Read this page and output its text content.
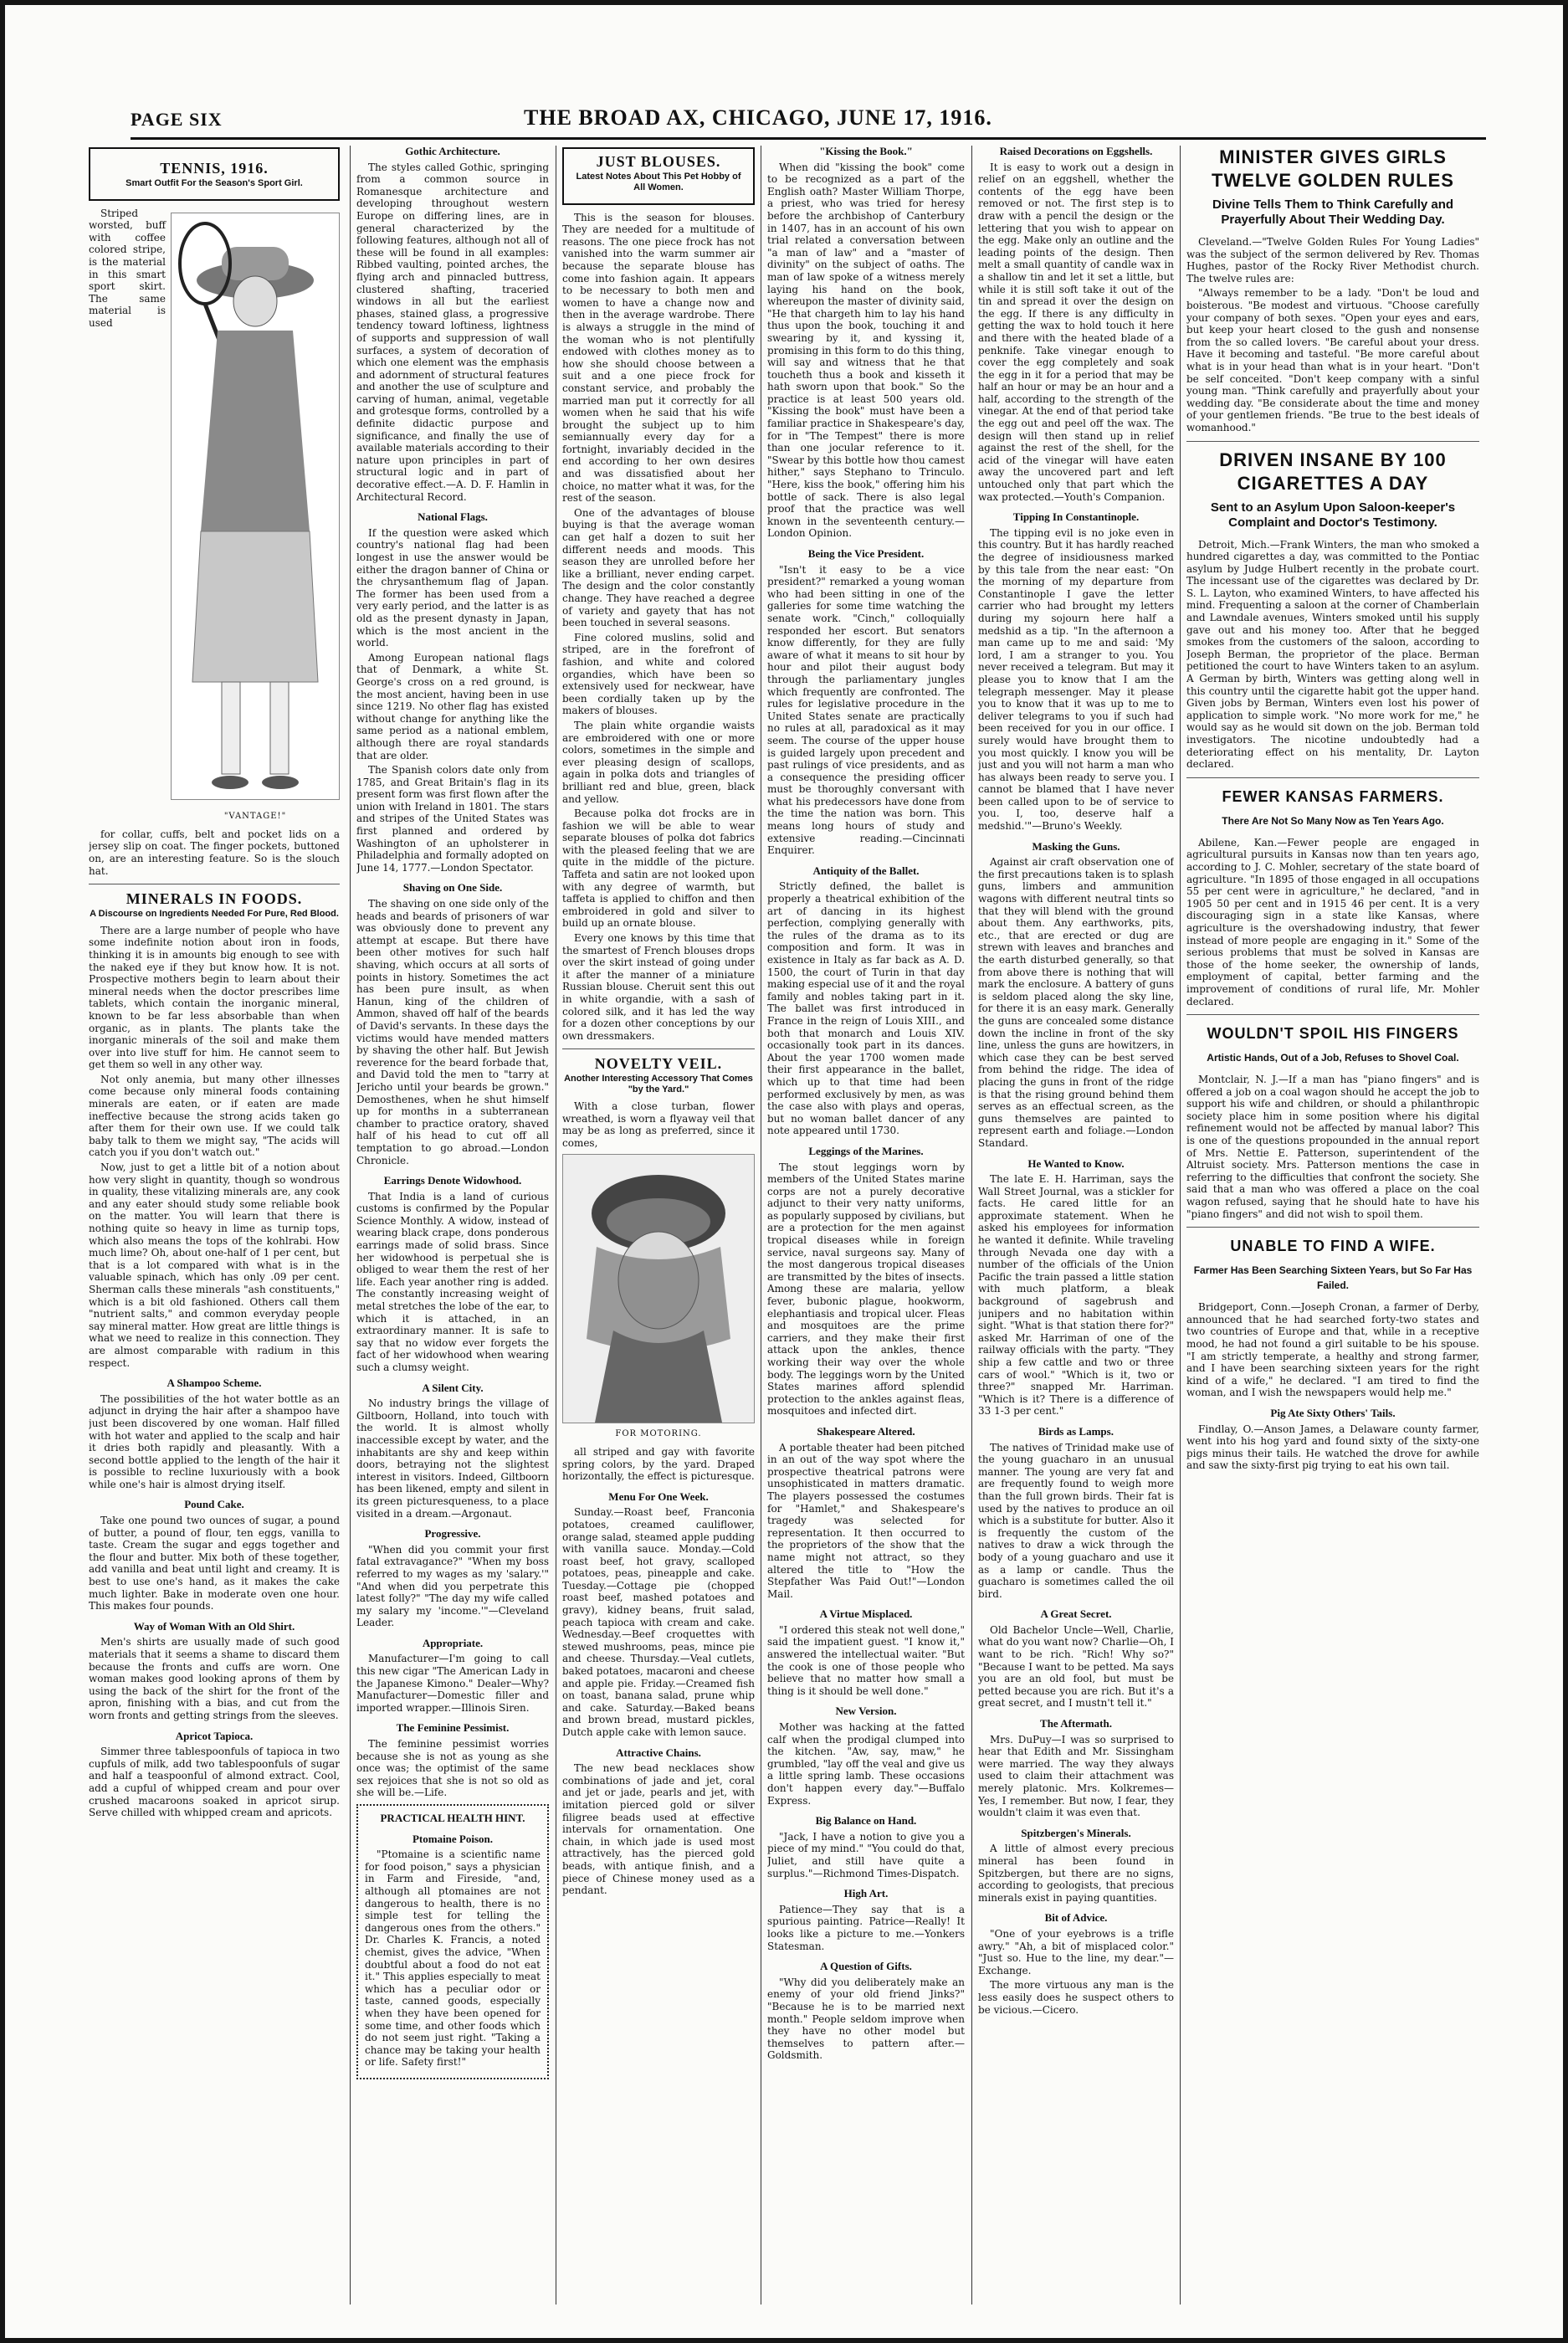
PAGE SIX	THE BROAD AX, CHICAGO, JUNE 17, 1916.
TENNIS, 1916.
Smart Outfit For the Season's Sport Girl.

Striped worsted, buff with coffee colored stripe, is the material in this smart sport skirt. The same material is used

"VANTAGE!"

for collar, cuffs, belt and pocket lids on a jersey slip on coat. The finger pockets, buttoned on, are an interesting feature. So is the slouch hat.

MINERALS IN FOODS.
A Discourse on Ingredients Needed For Pure, Red Blood.

There are a large number of people who have some indefinite notion about iron in foods, thinking it is in amounts big enough to see with the naked eye if they but know how. It is not. Prospective mothers begin to learn about their mineral needs when the doctor prescribes lime tablets, which contain the inorganic mineral, known to be far less absorbable than when organic, as in plants. The plants take the inorganic minerals of the soil and make them over into live stuff for him. He cannot seem to get them so well in any other way.

Not only anemia, but many other illnesses come because only mineral foods containing minerals are eaten, or if eaten are made ineffective because the strong acids taken go after them for their own use. If we could talk baby talk to them we might say, "The acids will catch you if you don't watch out."

Now, just to get a little bit of a notion about how very slight in quantity, though so wondrous in quality, these vitalizing minerals are, any cook and any eater should study some reliable book on the matter. You will learn that there is nothing quite so heavy in lime as turnip tops, which also means the tops of the kohlrabi. How much lime? Oh, about one-half of 1 per cent, but that is a lot compared with what is in the valuable spinach, which has only .09 per cent. Sherman calls these minerals "ash constituents," which is a bit old fashioned. Others call them "nutrient salts," and common everyday people say mineral matter. How great are little things is what we need to realize in this connection. They are almost comparable with radium in this respect.

A Shampoo Scheme.

The possibilities of the hot water bottle as an adjunct in drying the hair after a shampoo have just been discovered by one woman. Half filled with hot water and applied to the scalp and hair it dries both rapidly and pleasantly. With a second bottle applied to the length of the hair it is possible to recline luxuriously with a book while one's hair is almost drying itself.

Pound Cake.

Take one pound two ounces of sugar, a pound of butter, a pound of flour, ten eggs, vanilla to taste. Cream the sugar and eggs together and the flour and butter. Mix both of these together, add vanilla and beat until light and creamy. It is best to use one's hand, as it makes the cake much lighter. Bake in moderate oven one hour. This makes four pounds.

Way of Woman With an Old Shirt.

Men's shirts are usually made of such good materials that it seems a shame to discard them because the fronts and cuffs are worn. One woman makes good looking aprons of them by using the back of the shirt for the front of the apron, finishing with a bias, and cut from the worn fronts and getting strings from the sleeves.

Apricot Tapioca.

Simmer three tablespoonfuls of tapioca in two cupfuls of milk, add two tablespoonfuls of sugar and half a teaspoonful of almond extract. Cool, add a cupful of whipped cream and pour over crushed macaroons soaked in apricot sirup. Serve chilled with whipped cream and apricots.

Gothic Architecture.

The styles called Gothic, springing from a common source in Romanesque architecture and developing throughout western Europe on differing lines, are in general characterized by the following features, although not all of these will be found in all examples: Ribbed vaulting, pointed arches, the flying arch and pinnacled buttress, clustered shafting, traceried windows in all but the earliest phases, stained glass, a progressive tendency toward loftiness, lightness of supports and suppression of wall surfaces, a system of decoration of which one element was the emphasis and adornment of structural features and another the use of sculpture and carving of human, animal, vegetable and grotesque forms, controlled by a definite didactic purpose and significance, and finally the use of available materials according to their nature upon principles in part of structural logic and in part of decorative effect.—A. D. F. Hamlin in Architectural Record.

National Flags.

If the question were asked which country's national flag had been longest in use the answer would be either the dragon banner of China or the chrysanthemum flag of Japan. The former has been used from a very early period, and the latter is as old as the present dynasty in Japan, which is the most ancient in the world.

Among European national flags that of Denmark, a white St. George's cross on a red ground, is the most ancient, having been in use since 1219. No other flag has existed without change for anything like the same period as a national emblem, although there are royal standards that are older.

The Spanish colors date only from 1785, and Great Britain's flag in its present form was first flown after the union with Ireland in 1801. The stars and stripes of the United States was first planned and ordered by Washington of an upholsterer in Philadelphia and formally adopted on June 14, 1777.—London Spectator.

Shaving on One Side.

The shaving on one side only of the heads and beards of prisoners of war was obviously done to prevent any attempt at escape. But there have been other motives for such half shaving, which occurs at all sorts of points in history. Sometimes the act has been pure insult, as when Hanun, king of the children of Ammon, shaved off half of the beards of David's servants. In these days the victims would have mended matters by shaving the other half. But Jewish reverence for the beard forbade that, and David told the men to "tarry at Jericho until your beards be grown." Demosthenes, when he shut himself up for months in a subterranean chamber to practice oratory, shaved half of his head to cut off all temptation to go abroad.—London Chronicle.

Earrings Denote Widowhood.

That India is a land of curious customs is confirmed by the Popular Science Monthly. A widow, instead of wearing black crape, dons ponderous earrings made of solid brass. Since her widowhood is perpetual she is obliged to wear them the rest of her life. Each year another ring is added. The constantly increasing weight of metal stretches the lobe of the ear, to which it is attached, in an extraordinary manner. It is safe to say that no widow ever forgets the fact of her widowhood when wearing such a clumsy weight.

A Silent City.

No industry brings the village of Giltboorn, Holland, into touch with the world. It is almost wholly inaccessible except by water, and the inhabitants are shy and keep within doors, betraying not the slightest interest in visitors. Indeed, Giltboorn has been likened, empty and silent in its green picturesqueness, to a place visited in a dream.—Argonaut.

Progressive.

"When did you commit your first fatal extravagance?" "When my boss referred to my wages as my 'salary.'" "And when did you perpetrate this latest folly?" "The day my wife called my salary my 'income.'"—Cleveland Leader.

Appropriate.

Manufacturer—I'm going to call this new cigar "The American Lady in the Japanese Kimono." Dealer—Why? Manufacturer—Domestic filler and imported wrapper.—Illinois Siren.

The Feminine Pessimist.

The feminine pessimist worries because she is not as young as she once was; the optimist of the same sex rejoices that she is not so old as she will be.—Life.

PRACTICAL HEALTH HINT.
Ptomaine Poison.

"Ptomaine is a scientific name for food poison," says a physician in Farm and Fireside, "and, although all ptomaines are not dangerous to health, there is no simple test for telling the dangerous ones from the others." Dr. Charles K. Francis, a noted chemist, gives the advice, "When doubtful about a food do not eat it." This applies especially to meat which has a peculiar odor or taste, canned goods, especially when they have been opened for some time, and other foods which do not seem just right. "Taking a chance may be taking your health or life. Safety first!"

JUST BLOUSES.
Latest Notes About This Pet Hobby of All Women.

This is the season for blouses. They are needed for a multitude of reasons. The one piece frock has not vanished into the warm summer air because the separate blouse has come into fashion again. It appears to be necessary to both men and women to have a change now and then in the average wardrobe. There is always a struggle in the mind of the woman who is not plentifully endowed with clothes money as to how she should choose between a suit and a one piece frock for constant service, and probably the married man put it correctly for all women when he said that his wife brought the subject up to him semiannually every day for a fortnight, invariably decided in the end according to her own desires and was dissatisfied about her choice, no matter what it was, for the rest of the season.

One of the advantages of blouse buying is that the average woman can get half a dozen to suit her different needs and moods. This season they are unrolled before her like a brilliant, never ending carpet. The design and the color constantly change. They have reached a degree of variety and gayety that has not been touched in several seasons.

Fine colored muslins, solid and striped, are in the forefront of fashion, and white and colored organdies, which have been so extensively used for neckwear, have been cordially taken up by the makers of blouses.

The plain white organdie waists are embroidered with one or more colors, sometimes in the simple and ever pleasing design of scallops, again in polka dots and triangles of brilliant red and blue, green, black and yellow.

Because polka dot frocks are in fashion we will be able to wear separate blouses of polka dot fabrics with the pleased feeling that we are quite in the middle of the picture. Taffeta and satin are not looked upon with any degree of warmth, but taffeta is applied to chiffon and then embroidered in gold and silver to build up an ornate blouse.

Every one knows by this time that the smartest of French blouses drops over the skirt instead of going under it after the manner of a miniature Russian blouse. Cheruit sent this out in white organdie, with a sash of colored silk, and it has led the way for a dozen other conceptions by our own dressmakers.

NOVELTY VEIL.
Another Interesting Accessory That Comes "by the Yard."

With a close turban, flower wreathed, is worn a flyaway veil that may be as long as preferred, since it comes,

FOR MOTORING.

all striped and gay with favorite spring colors, by the yard. Draped horizontally, the effect is picturesque.

Menu For One Week.

Sunday.—Roast beef, Franconia potatoes, creamed cauliflower, orange salad, steamed apple pudding with vanilla sauce. Monday.—Cold roast beef, hot gravy, scalloped potatoes, peas, pineapple and cake. Tuesday.—Cottage pie (chopped roast beef, mashed potatoes and gravy), kidney beans, fruit salad, peach tapioca with cream and cake. Wednesday.—Beef croquettes with stewed mushrooms, peas, mince pie and cheese. Thursday.—Veal cutlets, baked potatoes, macaroni and cheese and apple pie. Friday.—Creamed fish on toast, banana salad, prune whip and cake. Saturday.—Baked beans and brown bread, mustard pickles, Dutch apple cake with lemon sauce.

Attractive Chains.

The new bead necklaces show combinations of jade and jet, coral and jet or jade, pearls and jet, with imitation pierced gold or silver filigree beads used at effective intervals for ornamentation. One chain, in which jade is used most attractively, has the pierced gold beads, with antique finish, and a piece of Chinese money used as a pendant.

"Kissing the Book."

When did "kissing the book" come to be recognized as a part of the English oath? Master William Thorpe, a priest, who was tried for heresy before the archbishop of Canterbury in 1407, has in an account of his own trial related a conversation between "a man of law" and a "master of divinity" on the subject of oaths. The man of law spoke of a witness merely laying his hand on the book, whereupon the master of divinity said, "He that chargeth him to lay his hand thus upon the book, touching it and swearing by it, and kyssing it, promising in this form to do this thing, will say and witness that he that toucheth thus a book and kisseth it hath sworn upon that book." So the practice is at least 500 years old. "Kissing the book" must have been a familiar practice in Shakespeare's day, for in "The Tempest" there is more than one jocular reference to it. "Swear by this bottle how thou camest hither," says Stephano to Trinculo. "Here, kiss the book," offering him his bottle of sack. There is also legal proof that the practice was well known in the seventeenth century.—London Opinion.

Being the Vice President.

"Isn't it easy to be a vice president?" remarked a young woman who had been sitting in one of the galleries for some time watching the senate work. "Cinch," colloquially responded her escort. But senators know differently, for they are fully aware of what it means to sit hour by hour and pilot their august body through the parliamentary jungles which frequently are confronted. The rules for legislative procedure in the United States senate are practically no rules at all, paradoxical as it may seem. The course of the upper house is guided largely upon precedent and past rulings of vice presidents, and as a consequence the presiding officer must be thoroughly conversant with what his predecessors have done from the time the nation was born. This means long hours of study and extensive reading.—Cincinnati Enquirer.

Antiquity of the Ballet.

Strictly defined, the ballet is properly a theatrical exhibition of the art of dancing in its highest perfection, complying generally with the rules of the drama as to its composition and form. It was in existence in Italy as far back as A. D. 1500, the court of Turin in that day making especial use of it and the royal family and nobles taking part in it. The ballet was first introduced in France in the reign of Louis XIII., and both that monarch and Louis XIV. occasionally took part in its dances. About the year 1700 women made their first appearance in the ballet, which up to that time had been performed exclusively by men, as was the case also with plays and operas, but no woman ballet dancer of any note appeared until 1730.

Leggings of the Marines.

The stout leggings worn by members of the United States marine corps are not a purely decorative adjunct to their very natty uniforms, as popularly supposed by civilians, but are a protection for the men against tropical diseases while in foreign service, naval surgeons say. Many of the most dangerous tropical diseases are transmitted by the bites of insects. Among these are malaria, yellow fever, bubonic plague, hookworm, elephantiasis and tropical ulcer. Fleas and mosquitoes are the prime carriers, and they make their first attack upon the ankles, thence working their way over the whole body. The leggings worn by the United States marines afford splendid protection to the ankles against fleas, mosquitoes and infected dirt.

Shakespeare Altered.

A portable theater had been pitched in an out of the way spot where the prospective theatrical patrons were unsophisticated in matters dramatic. The players possessed the costumes for "Hamlet," and Shakespeare's tragedy was selected for representation. It then occurred to the proprietors of the show that the name might not attract, so they altered the title to "How the Stepfather Was Paid Out!"—London Mail.

A Virtue Misplaced.

"I ordered this steak not well done," said the impatient guest. "I know it," answered the intellectual waiter. "But the cook is one of those people who believe that no matter how small a thing is it should be well done."

New Version.

Mother was hacking at the fatted calf when the prodigal clumped into the kitchen. "Aw, say, maw," he grumbled, "lay off the veal and give us a little spring lamb. These occasions don't happen every day."—Buffalo Express.

Big Balance on Hand.

"Jack, I have a notion to give you a piece of my mind." "You could do that, Juliet, and still have quite a surplus."—Richmond Times-Dispatch.

High Art.

Patience—They say that is a spurious painting. Patrice—Really! It looks like a picture to me.—Yonkers Statesman.

A Question of Gifts.

"Why did you deliberately make an enemy of your old friend Jinks?" "Because he is to be married next month." People seldom improve when they have no other model but themselves to pattern after.—Goldsmith.

Raised Decorations on Eggshells.

It is easy to work out a design in relief on an eggshell, whether the contents of the egg have been removed or not. The first step is to draw with a pencil the design or the lettering that you wish to appear on the egg. Make only an outline and the leading points of the design. Then melt a small quantity of candle wax in a shallow tin and let it set a little, but while it is still soft take it out of the tin and spread it over the design on the egg. If there is any difficulty in getting the wax to hold touch it here and there with the heated blade of a penknife. Take vinegar enough to cover the egg completely and soak the egg in it for a period that may be half an hour or may be an hour and a half, according to the strength of the vinegar. At the end of that period take the egg out and peel off the wax. The design will then stand up in relief against the rest of the shell, for the acid of the vinegar will have eaten away the uncovered part and left untouched only that part which the wax protected.—Youth's Companion.

Tipping In Constantinople.

The tipping evil is no joke even in this country. But it has hardly reached the degree of insidiousness marked by this tale from the near east: "On the morning of my departure from Constantinople I gave the letter carrier who had brought my letters during my sojourn here half a medshid as a tip. "In the afternoon a man came up to me and said: 'My lord, I am a stranger to you. You never received a telegram. But may it please you to know that I am the telegraph messenger. May it please you to know that it was up to me to deliver telegrams to you if such had been received for you in our office. I surely would have brought them to you most quickly. I know you will be just and you will not harm a man who has always been ready to serve you. I cannot be blamed that I have never been called upon to be of service to you. I, too, deserve half a medshid.'"—Bruno's Weekly.

Masking the Guns.

Against air craft observation one of the first precautions taken is to splash guns, limbers and ammunition wagons with different neutral tints so that they will blend with the ground about them. Any earthworks, pits, etc., that are erected or dug are strewn with leaves and branches and the earth disturbed generally, so that from above there is nothing that will mark the enclosure. A battery of guns is seldom placed along the sky line, for there it is an easy mark. Generally the guns are concealed some distance down the incline in front of the sky line, unless the guns are howitzers, in which case they can be best served from behind the ridge. The idea of placing the guns in front of the ridge is that the rising ground behind them serves as an effectual screen, as the guns themselves are painted to represent earth and foliage.—London Standard.

He Wanted to Know.

The late E. H. Harriman, says the Wall Street Journal, was a stickler for facts. He cared little for an approximate statement. When he asked his employees for information he wanted it definite. While traveling through Nevada one day with a number of the officials of the Union Pacific the train passed a little station with much platform, a bleak background of sagebrush and junipers and no habitation within sight. "What is that station there for?" asked Mr. Harriman of one of the railway officials with the party. "They ship a few cattle and two or three cars of wool." "Which is it, two or three?" snapped Mr. Harriman. "Which is it? There is a difference of 33 1-3 per cent."

Birds as Lamps.

The natives of Trinidad make use of the young guacharo in an unusual manner. The young are very fat and are frequently found to weigh more than the full grown birds. Their fat is used by the natives to produce an oil which is a substitute for butter. Also it is frequently the custom of the natives to draw a wick through the body of a young guacharo and use it as a lamp or candle. Thus the guacharo is sometimes called the oil bird.

A Great Secret.

Old Bachelor Uncle—Well, Charlie, what do you want now? Charlie—Oh, I want to be rich. "Rich! Why so?" "Because I want to be petted. Ma says you are an old fool, but must be petted because you are rich. But it's a great secret, and I mustn't tell it."

The Aftermath.

Mrs. DuPuy—I was so surprised to hear that Edith and Mr. Sissingham were married. The way they always used to claim their attachment was merely platonic. Mrs. Kolkremes—Yes, I remember. But now, I fear, they wouldn't claim it was even that.

Spitzbergen's Minerals.

A little of almost every precious mineral has been found in Spitzbergen, but there are no signs, according to geologists, that precious minerals exist in paying quantities.

Bit of Advice.

"One of your eyebrows is a trifle awry." "Ah, a bit of misplaced color." "Just so. Hue to the line, my dear."—Exchange.

The more virtuous any man is the less easily does he suspect others to be vicious.—Cicero.

MINISTER GIVES GIRLS TWELVE GOLDEN RULES
Divine Tells Them to Think Carefully and Prayerfully About Their Wedding Day.

Cleveland.—"Twelve Golden Rules For Young Ladies" was the subject of the sermon delivered by Rev. Thomas Hughes, pastor of the Rocky River Methodist church. The twelve rules are:

"Always remember to be a lady. "Don't be loud and boisterous. "Be modest and virtuous. "Choose carefully your company of both sexes. "Open your eyes and ears, but keep your heart closed to the gush and nonsense from the so called lovers. "Be careful about your dress. Have it becoming and tasteful. "Be more careful about what is in your head than what is in your heart. "Don't be self conceited. "Don't keep company with a sinful young man. "Think carefully and prayerfully about your wedding day. "Be considerate about the time and money of your gentlemen friends. "Be true to the best ideals of womanhood."

DRIVEN INSANE BY 100 CIGARETTES A DAY
Sent to an Asylum Upon Saloon-keeper's Complaint and Doctor's Testimony.

Detroit, Mich.—Frank Winters, the man who smoked a hundred cigarettes a day, was committed to the Pontiac asylum by Judge Hulbert recently in the probate court. The incessant use of the cigarettes was declared by Dr. S. L. Layton, who examined Winters, to have affected his mind. Frequenting a saloon at the corner of Chamberlain and Lawndale avenues, Winters smoked until his supply gave out and his money too. After that he begged smokes from the customers of the saloon, according to Joseph Berman, the proprietor of the place. Berman petitioned the court to have Winters taken to an asylum. A German by birth, Winters was getting along well in this country until the cigarette habit got the upper hand. Given jobs by Berman, Winters even lost his power of application to simple work. "No more work for me," he would say as he would sit down on the job. Berman told investigators. The nicotine undoubtedly had a deteriorating effect on his mentality, Dr. Layton declared.

FEWER KANSAS FARMERS.
There Are Not So Many Now as Ten Years Ago.

Abilene, Kan.—Fewer people are engaged in agricultural pursuits in Kansas now than ten years ago, according to J. C. Mohler, secretary of the state board of agriculture. "In 1895 of those engaged in all occupations 55 per cent were in agriculture," he declared, "and in 1905 50 per cent and in 1915 46 per cent. It is a very discouraging sign in a state like Kansas, where agriculture is the overshadowing industry, that fewer instead of more people are engaging in it." Some of the serious problems that must be solved in Kansas are those of the home seeker, the ownership of lands, employment of capital, better farming and the improvement of conditions of rural life, Mr. Mohler declared.

WOULDN'T SPOIL HIS FINGERS
Artistic Hands, Out of a Job, Refuses to Shovel Coal.

Montclair, N. J.—If a man has "piano fingers" and is offered a job on a coal wagon should he accept the job to support his wife and children, or should a philanthropic society place him in some position where his digital refinement would not be affected by manual labor? This is one of the questions propounded in the annual report of Mrs. Nettie E. Patterson, superintendent of the Altruist society. Mrs. Patterson mentions the case in referring to the difficulties that confront the society. She said that a man who was offered a place on the coal wagon refused, saying that he should hate to have his "piano fingers" and did not wish to spoil them.

UNABLE TO FIND A WIFE.
Farmer Has Been Searching Sixteen Years, but So Far Has Failed.

Bridgeport, Conn.—Joseph Cronan, a farmer of Derby, announced that he had searched forty-two states and two countries of Europe and that, while in a receptive mood, he had not found a girl suitable to be his spouse. "I am strictly temperate, a healthy and strong farmer, and I have been searching sixteen years for the right kind of a wife," he declared. "I am tired to find the woman, and I wish the newspapers would help me."

Pig Ate Sixty Others' Tails.

Findlay, O.—Anson James, a Delaware county farmer, went into his hog yard and found sixty of the sixty-one pigs minus their tails. He watched the drove for awhile and saw the sixty-first pig trying to eat his own tail.
